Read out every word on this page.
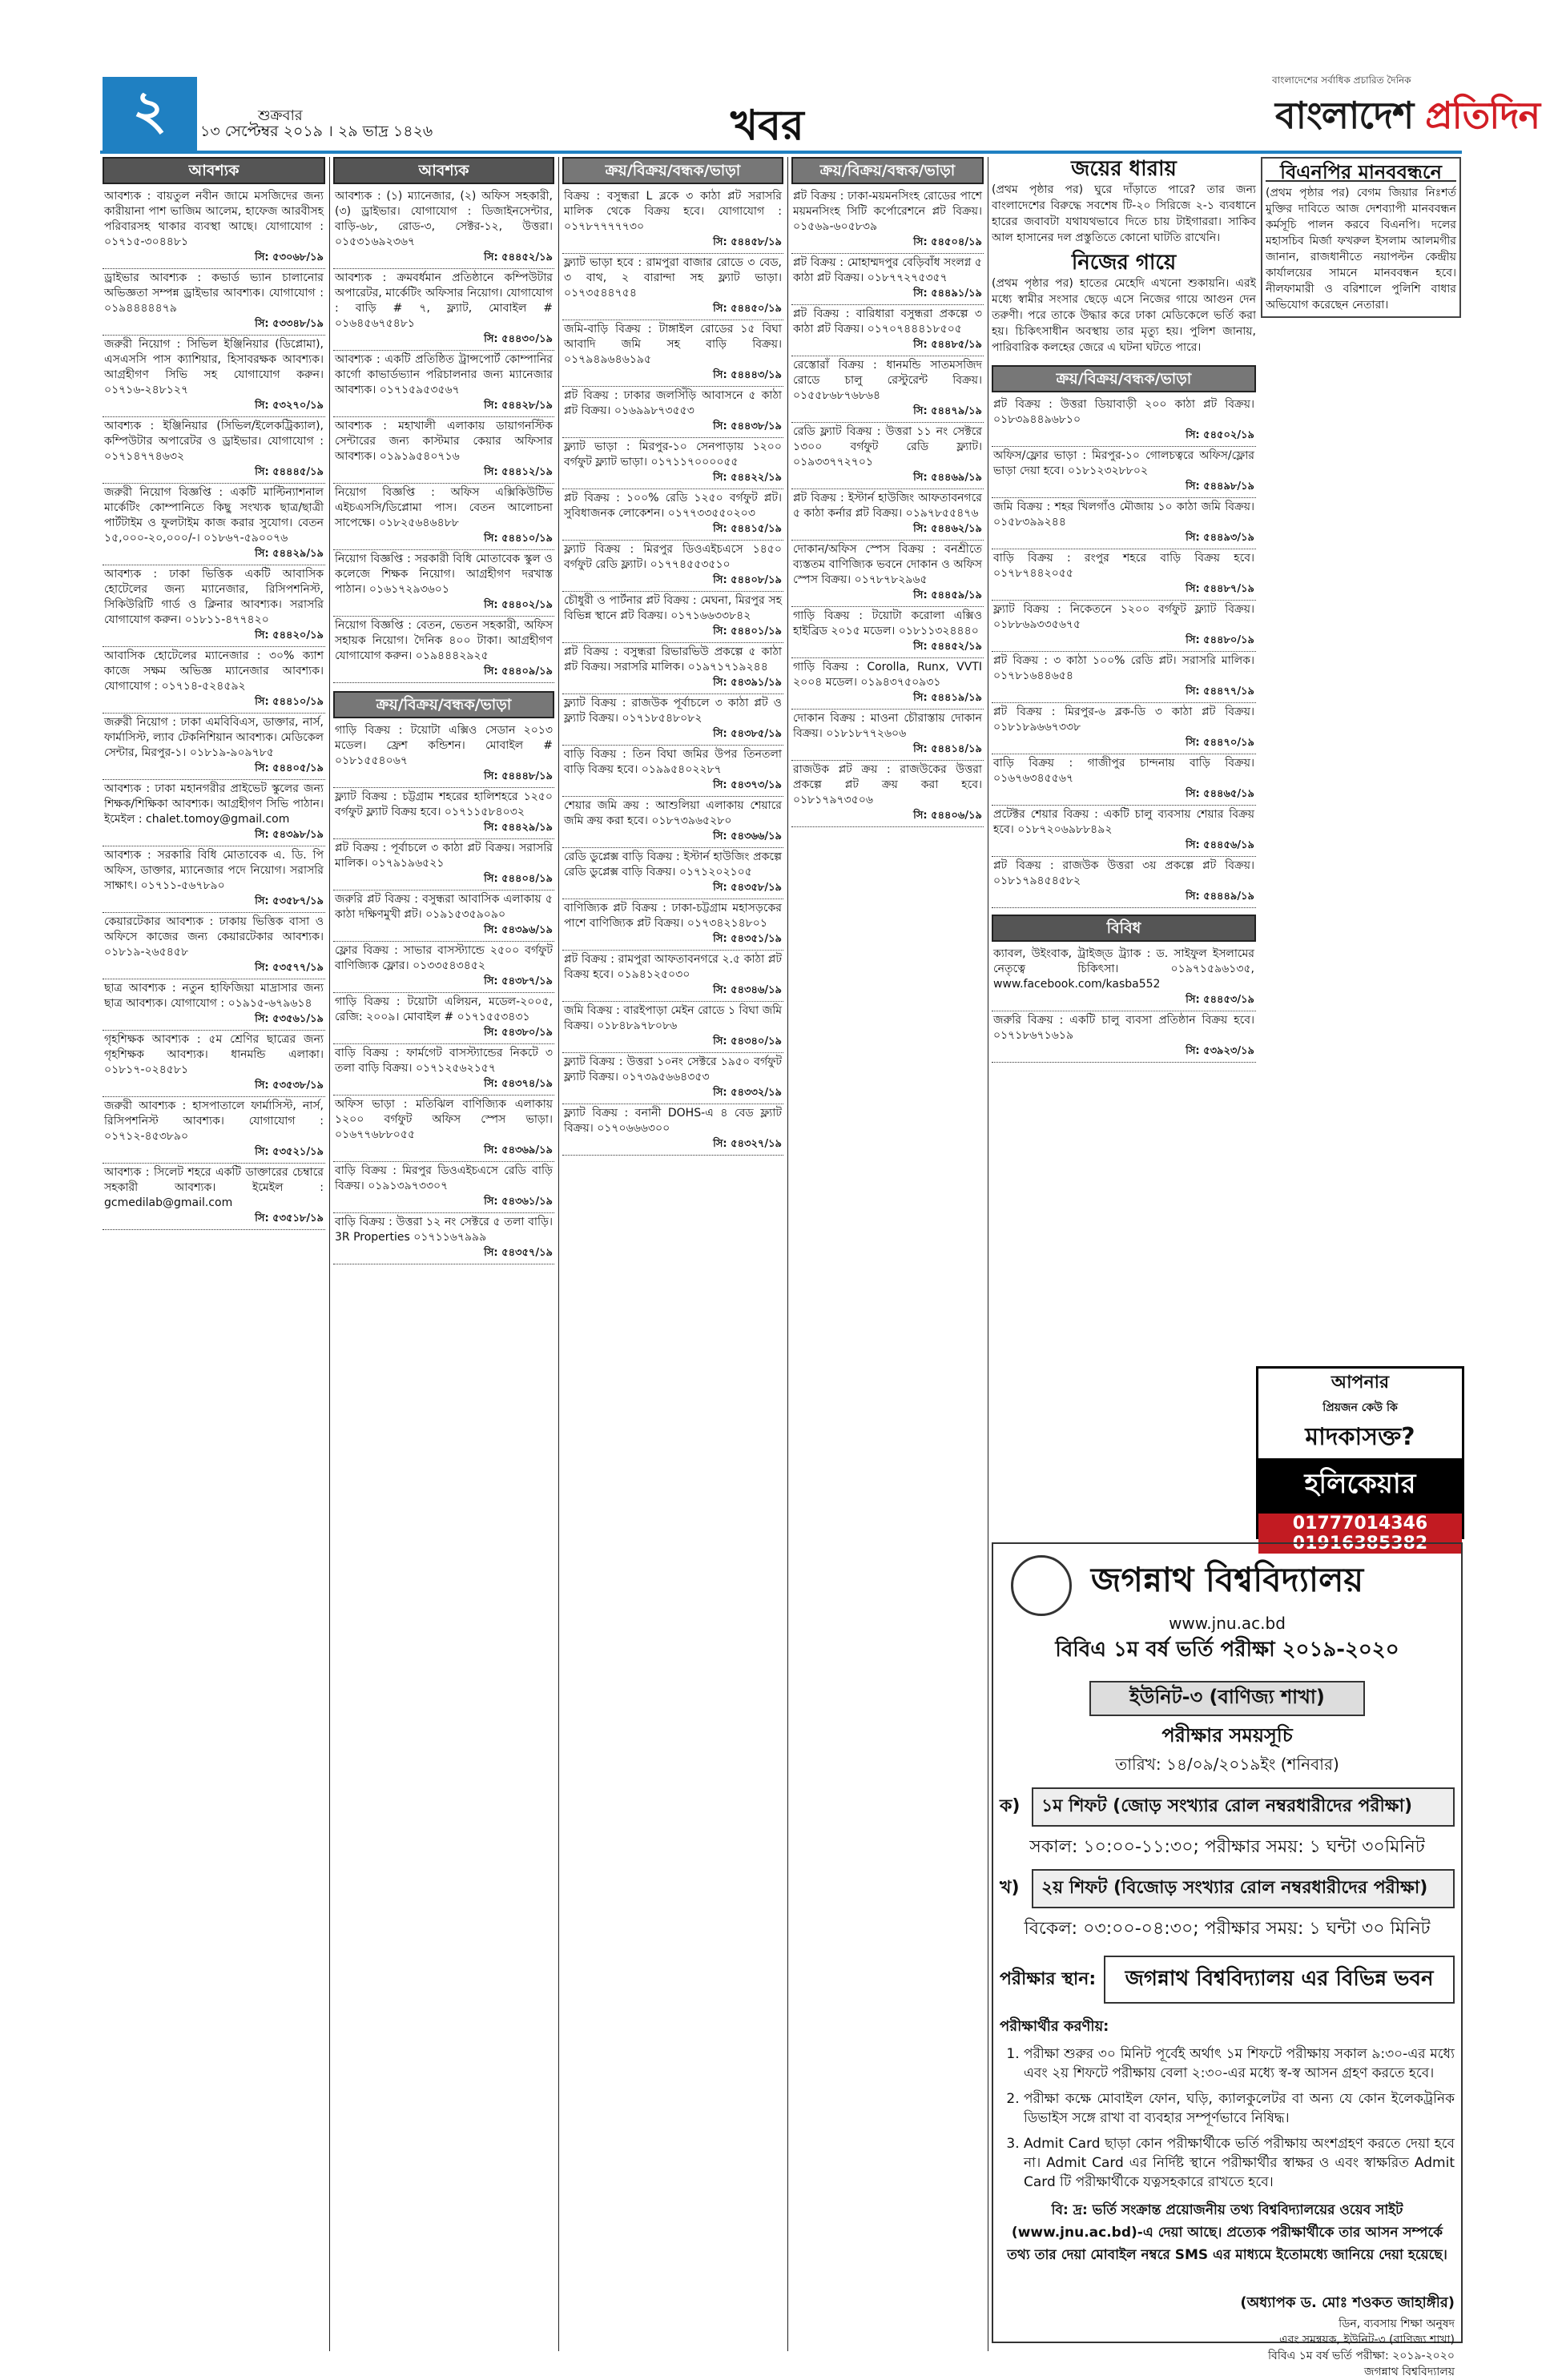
২	শুক্রবার
১৩ সেপ্টেম্বর ২০১৯ । ২৯ ভাদ্র ১৪২৬	খবর
বাংলাদেশের সর্বাধিক প্রচারিত দৈনিক
বাংলাদেশ প্রতিদিন
আবশ্যক
আবশ্যক : বায়তুল নবীন জামে মসজিদের জন্য কারীয়ানা পাশ ভাজিম আলেম, হাফেজ আরবীসহ পরিবারসহ থাকার ব্যবস্থা আছে। যোগাযোগ : ০১৭১৫-৩০৪৪৮১
সি: ৫৩০৬৮/১৯
ড্রাইভার আবশ্যক : কভার্ড ভ্যান চালানোর অভিজ্ঞতা সম্পন্ন ড্রাইভার আবশ্যক। যোগাযোগ : ০১৯৪৪৪৪৪৭৯
সি: ৫৩৩৪৮/১৯
জরুরী নিয়োগ : সিভিল ইঞ্জিনিয়ার (ডিপ্লোমা), এসএসসি পাস ক্যাশিয়ার, হিসাবরক্ষক আবশ্যক। আগ্রহীগণ সিভি সহ যোগাযোগ করুন। ০১৭১৬-২৪৮১২৭
সি: ৫৩২৭০/১৯
আবশ্যক : ইঞ্জিনিয়ার (সিভিল/ইলেকট্রিক্যাল), কম্পিউটার অপারেটর ও ড্রাইভার। যোগাযোগ : ০১৭১৪৭৭৪৬৩২
সি: ৫৪৪৪৫/১৯
জরুরী নিয়োগ বিজ্ঞপ্তি : একটি মাল্টিন্যাশনাল মার্কেটিং কোম্পানিতে কিছু সংখ্যক ছাত্র/ছাত্রী পার্টটাইম ও ফুলটাইম কাজ করার সুযোগ। বেতন ১৫,০০০-২০,০০০/-। ০১৮৬৭-৫৯০০৭৬
সি: ৫৪৪২৯/১৯
আবশ্যক : ঢাকা ভিত্তিক একটি আবাসিক হোটেলের জন্য ম্যানেজার, রিসিপশনিস্ট, সিকিউরিটি গার্ড ও ক্লিনার আবশ্যক। সরাসরি যোগাযোগ করুন। ০১৮১১-৪৭৭৪২০
সি: ৫৪৪২০/১৯
আবাসিক হোটেলের ম্যানেজার : ৩০% ক্যাশ কাজে সক্ষম অভিজ্ঞ ম্যানেজার আবশ্যক। যোগাযোগ : ০১৭১৪-৫২৪৫৯২
সি: ৫৪৪১০/১৯
জরুরী নিয়োগ : ঢাকা এমবিবিএস, ডাক্তার, নার্স, ফার্মাসিস্ট, ল্যাব টেকনিশিয়ান আবশ্যক। মেডিকেল সেন্টার, মিরপুর-১। ০১৮১৯-৯০৯৭৮৫
সি: ৫৪৪০৫/১৯
আবশ্যক : ঢাকা মহানগরীর প্রাইভেট স্কুলের জন্য শিক্ষক/শিক্ষিকা আবশ্যক। আগ্রহীগণ সিভি পাঠান। ইমেইল : chalet.tomoy@gmail.com
সি: ৫৪৩৯৮/১৯
আবশ্যক : সরকারি বিধি মোতাবেক এ. ডি. পি অফিস, ডাক্তার, ম্যানেজার পদে নিয়োগ। সরাসরি সাক্ষাৎ। ০১৭১১-৫৬৭৮৯০
সি: ৫৩৫৮৭/১৯
কেয়ারটেকার আবশ্যক : ঢাকায় ভিত্তিক বাসা ও অফিসে কাজের জন্য কেয়ারটেকার আবশ্যক। ০১৮১৯-২৬৫৪৫৮
সি: ৫৩৫৭৭/১৯
ছাত্র আবশ্যক : নতুন হাফিজিয়া মাদ্রাসার জন্য ছাত্র আবশ্যক। যোগাযোগ : ০১৯১৫-৬৭৯৬১৪
সি: ৫৩৫৬১/১৯
গৃহশিক্ষক আবশ্যক : ৫ম শ্রেণির ছাত্রের জন্য গৃহশিক্ষক আবশ্যক। ধানমন্ডি এলাকা। ০১৮১৭-০২৪৫৮১
সি: ৫৩৫৩৮/১৯
জরুরী আবশ্যক : হাসপাতালে ফার্মাসিস্ট, নার্স, রিসিপশনিস্ট আবশ্যক। যোগাযোগ : ০১৭১২-৪৫৩৮৯০
সি: ৫৩৫২১/১৯
আবশ্যক : সিলেট শহরে একটি ডাক্তারের চেম্বারে সহকারী আবশ্যক। ইমেইল : gcmedilab@gmail.com
সি: ৫৩৫১৮/১৯
আবশ্যক
আবশ্যক : (১) ম্যানেজার, (২) অফিস সহকারী, (৩) ড্রাইভার। যোগাযোগ : ডিজাইনসেন্টার, বাড়ি-৬৮, রোড-৩, সেক্টর-১২, উত্তরা। ০১৫৩১৬৯২৩৬৭
সি: ৫৪৪৫২/১৯
আবশ্যক : ক্রমবর্ধমান প্রতিষ্ঠানে কম্পিউটার অপারেটর, মার্কেটিং অফিসার নিয়োগ। যোগাযোগ : বাড়ি # ৭, ফ্ল্যাট, মোবাইল # ০১৬৪৫৬৭৫৪৮১
সি: ৫৪৪৩০/১৯
আবশ্যক : একটি প্রতিষ্ঠিত ট্রান্সপোর্ট কোম্পানির কার্গো কাভার্ডভ্যান পরিচালনার জন্য ম্যানেজার আবশ্যক। ০১৭১৫৯৫৩৫৬৭
সি: ৫৪৪২৮/১৯
আবশ্যক : মহাখালী এলাকায় ডায়াগনস্টিক সেন্টারের জন্য কাস্টমার কেয়ার অফিসার আবশ্যক। ০১৯১৯৫৪০৭১৬
সি: ৫৪৪১২/১৯
নিয়োগ বিজ্ঞপ্তি : অফিস এক্সিকিউটিভ এইচএসসি/ডিপ্লোমা পাস। বেতন আলোচনা সাপেক্ষে। ০১৮২৫৬৪৬৪৮৮
সি: ৫৪৪১০/১৯
নিয়োগ বিজ্ঞপ্তি : সরকারী বিধি মোতাবেক স্কুল ও কলেজে শিক্ষক নিয়োগ। আগ্রহীগণ দরখাস্ত পাঠান। ০১৬১৭২৯৩৬০১
সি: ৫৪৪০২/১৯
নিয়োগ বিজ্ঞপ্তি : বেতন, ভেতন সহকারী, অফিস সহায়ক নিয়োগ। দৈনিক ৪০০ টাকা। আগ্রহীগণ যোগাযোগ করুন। ০১৯৪৪৪২৯২৫
সি: ৫৪৪০৯/১৯
ক্রয়/বিক্রয়/বন্ধক/ভাড়া
গাড়ি বিক্রয় : টয়োটা এক্সিও সেডান ২০১৩ মডেল। ফ্রেশ কন্ডিশন। মোবাইল # ০১৮১৫৫৪০৬৭
সি: ৫৪৪৪৮/১৯
ফ্ল্যাট বিক্রয় : চট্টগ্রাম শহরের হালিশহরে ১২৫০ বর্গফুট ফ্ল্যাট বিক্রয় হবে। ০১৭১১৫৮৪০৩২
সি: ৫৪৪২৯/১৯
প্লট বিক্রয় : পূর্বাচলে ৩ কাঠা প্লট বিক্রয়। সরাসরি মালিক। ০১৭৯১৯৬৫২১
সি: ৫৪৪০৪/১৯
জরুরি প্লট বিক্রয় : বসুন্ধরা আবাসিক এলাকায় ৫ কাঠা দক্ষিণমুখী প্লট। ০১৯১৫৩৫৯০৯০
সি: ৫৪৩৯৬/১৯
ফ্লোর বিক্রয় : সাভার বাসস্ট্যান্ডে ২৫০০ বর্গফুট বাণিজ্যিক ফ্লোর। ০১৩৩৫৪৩৪৫২
সি: ৫৪৩৮৭/১৯
গাড়ি বিক্রয় : টয়োটা এলিয়ন, মডেল-২০০৫, রেজি: ২০০৯। মোবাইল # ০১৭১৫৫৩৪৩১
সি: ৫৪৩৮০/১৯
বাড়ি বিক্রয় : ফার্মগেট বাসস্ট্যান্ডের নিকটে ৩ তলা বাড়ি বিক্রয়। ০১৭১২৫৬২১৫৭
সি: ৫৪৩৭৪/১৯
অফিস ভাড়া : মতিঝিল বাণিজ্যিক এলাকায় ১২০০ বর্গফুট অফিস স্পেস ভাড়া। ০১৬৭৭৬৮৮০৫৫
সি: ৫৪৩৬৯/১৯
বাড়ি বিক্রয় : মিরপুর ডিওএইচএসে রেডি বাড়ি বিক্রয়। ০১৯১৩৯৭৩৩০৭
সি: ৫৪৩৬১/১৯
বাড়ি বিক্রয় : উত্তরা ১২ নং সেক্টরে ৫ তলা বাড়ি। 3R Properties ০১৭১১৬৭৯৯৯
সি: ৫৪৩৫৭/১৯
ক্রয়/বিক্রয়/বন্ধক/ভাড়া
বিক্রয় : বসুন্ধরা L ব্লকে ৩ কাঠা প্লট সরাসরি মালিক থেকে বিক্রয় হবে। যোগাযোগ : ০১৭৮৭৭৭৭৭৩০
সি: ৫৪৪৫৮/১৯
ফ্ল্যাট ভাড়া হবে : রামপুরা বাজার রোডে ৩ বেড, ৩ বাথ, ২ বারান্দা সহ ফ্ল্যাট ভাড়া। ০১৭৩৫৪৪৭৫৪
সি: ৫৪৪৫০/১৯
জমি-বাড়ি বিক্রয় : টাঙ্গাইল রোডের ১৫ বিঘা আবাদি জমি সহ বাড়ি বিক্রয়। ০১৭৯৪৯৬৪৬১৯৫
সি: ৫৪৪৪৩/১৯
প্লট বিক্রয় : ঢাকার জলসিঁড়ি আবাসনে ৫ কাঠা প্লট বিক্রয়। ০১৬৯৯৮৭৩৫৫৩
সি: ৫৪৪৩৮/১৯
ফ্ল্যাট ভাড়া : মিরপুর-১০ সেনপাড়ায় ১২০০ বর্গফুট ফ্ল্যাট ভাড়া। ০১৭১১৭০০০০৫৫
সি: ৫৪৪২২/১৯
প্লট বিক্রয় : ১০০% রেডি ১২৫০ বর্গফুট প্লট। সুবিধাজনক লোকেশন। ০১৭৭৩৩৫৫০২০৩
সি: ৫৪৪১৫/১৯
ফ্ল্যাট বিক্রয় : মিরপুর ডিওএইচএসে ১৪৫০ বর্গফুট রেডি ফ্ল্যাট। ০১৭৭৪৫৫৩৫১০
সি: ৫৪৪০৮/১৯
চৌধুরী ও পার্টনার প্লট বিক্রয় : মেঘনা, মিরপুর সহ বিভিন্ন স্থানে প্লট বিক্রয়। ০১৭১৬৬৩৩৮৪২
সি: ৫৪৪০১/১৯
প্লট বিক্রয় : বসুন্ধরা রিভারভিউ প্রকল্পে ৫ কাঠা প্লট বিক্রয়। সরাসরি মালিক। ০১৯৭১৭১৯২৪৪
সি: ৫৪৩৯১/১৯
ফ্ল্যাট বিক্রয় : রাজউক পূর্বাচলে ৩ কাঠা প্লট ও ফ্ল্যাট বিক্রয়। ০১৭১৮৫৪৮০৮২
সি: ৫৪৩৮৫/১৯
বাড়ি বিক্রয় : তিন বিঘা জমির উপর তিনতলা বাড়ি বিক্রয় হবে। ০১৯৯৫৪০২২৮৭
সি: ৫৪৩৭৩/১৯
শেয়ার জমি ক্রয় : আশুলিয়া এলাকায় শেয়ারে জমি ক্রয় করা হবে। ০১৮৭৩৯৬৫২৮০
সি: ৫৪৩৬৬/১৯
রেডি ডুপ্লেক্স বাড়ি বিক্রয় : ইস্টার্ন হাউজিং প্রকল্পে রেডি ডুপ্লেক্স বাড়ি বিক্রয়। ০১৭১২০২১০৫
সি: ৫৪৩৫৮/১৯
বাণিজ্যিক প্লট বিক্রয় : ঢাকা-চট্টগ্রাম মহাসড়কের পাশে বাণিজ্যিক প্লট বিক্রয়। ০১৭৩৪২১৪৮০১
সি: ৫৪৩৫১/১৯
প্লট বিক্রয় : রামপুরা আফতাবনগরে ২.৫ কাঠা প্লট বিক্রয় হবে। ০১৯৪১২৫০৩০
সি: ৫৪৩৪৬/১৯
জমি বিক্রয় : বারইপাড়া মেইন রোডে ১ বিঘা জমি বিক্রয়। ০১৮৪৮৯৭৮০৮৬
সি: ৫৪৩৪০/১৯
ফ্ল্যাট বিক্রয় : উত্তরা ১০নং সেক্টরে ১৯৫০ বর্গফুট ফ্ল্যাট বিক্রয়। ০১৭৩৯৫৬৬৪৩৫৩
সি: ৫৪৩৩২/১৯
ফ্ল্যাট বিক্রয় : বনানী DOHS-এ ৪ বেড ফ্ল্যাট বিক্রয়। ০১৭০৬৬৬৩০০
সি: ৫৪৩২৭/১৯
ক্রয়/বিক্রয়/বন্ধক/ভাড়া
প্লট বিক্রয় : ঢাকা-ময়মনসিংহ রোডের পাশে ময়মনসিংহ সিটি কর্পোরেশনে প্লট বিক্রয়। ০১৫৬৯-৬০৫৮৩৯
সি: ৫৪৫০৪/১৯
প্লট বিক্রয় : মোহাম্মদপুর বেড়িবাঁধ সংলগ্ন ৫ কাঠা প্লট বিক্রয়। ০১৮৭৭২৭৫৩৫৭
সি: ৫৪৪৯১/১৯
প্লট বিক্রয় : বারিধারা বসুন্ধরা প্রকল্পে ৩ কাঠা প্লট বিক্রয়। ০১৭০৭৪৪৪১৮৫০৫
সি: ৫৪৪৮৫/১৯
রেস্তোরাঁ বিক্রয় : ধানমন্ডি সাতমসজিদ রোডে চালু রেস্টুরেন্ট বিক্রয়। ০১৫৫৮৬৮৭৬৮৬৪
সি: ৫৪৪৭৯/১৯
রেডি ফ্ল্যাট বিক্রয় : উত্তরা ১১ নং সেক্টরে ১৩০০ বর্গফুট রেডি ফ্ল্যাট। ০১৯৩৩৭৭২৭০১
সি: ৫৪৪৬৯/১৯
প্লট বিক্রয় : ইস্টার্ন হাউজিং আফতাবনগরে ৫ কাঠা কর্নার প্লট বিক্রয়। ০১৯৭৮৫৫৪৭৬
সি: ৫৪৪৬২/১৯
দোকান/অফিস স্পেস বিক্রয় : বনশ্রীতে ব্যস্ততম বাণিজ্যিক ভবনে দোকান ও অফিস স্পেস বিক্রয়। ০১৭৮৭৮২৯৬৫
সি: ৫৪৪৫৯/১৯
গাড়ি বিক্রয় : টয়োটা করোলা এক্সিও হাইব্রিড ২০১৫ মডেল। ০১৮১১৩২৪৪৪০
সি: ৫৪৪৫২/১৯
গাড়ি বিক্রয় : Corolla, Runx, VVTI ২০০৪ মডেল। ০১৯৪৩৭৫০৯৩১
সি: ৫৪৪১৯/১৯
দোকান বিক্রয় : মাওনা চৌরাস্তায় দোকান বিক্রয়। ০১৮১৮৭৭২৬০৬
সি: ৫৪৪১৪/১৯
রাজউক প্লট ক্রয় : রাজউকের উত্তরা প্রকল্পে প্লট ক্রয় করা হবে। ০১৮১৭৯৭৩৫০৬
সি: ৫৪৪০৬/১৯
জয়ের ধারায়
(প্রথম পৃষ্ঠার পর) ঘুরে দাঁড়াতে পারে? তার জন্য বাংলাদেশের বিরুদ্ধে সবশেষ টি-২০ সিরিজে ২-১ ব্যবধানে হারের জবাবটা যথাযথভাবে দিতে চায় টাইগাররা। সাকিব আল হাসানের দল প্রস্তুতিতে কোনো ঘাটতি রাখেনি।
নিজের গায়ে
(প্রথম পৃষ্ঠার পর) হাতের মেহেদি এখনো শুকায়নি। এরই মধ্যে স্বামীর সংসার ছেড়ে এসে নিজের গায়ে আগুন দেন তরুণী। পরে তাকে উদ্ধার করে ঢাকা মেডিকেলে ভর্তি করা হয়। চিকিৎসাধীন অবস্থায় তার মৃত্যু হয়। পুলিশ জানায়, পারিবারিক কলহের জেরে এ ঘটনা ঘটতে পারে।
ক্রয়/বিক্রয়/বন্ধক/ভাড়া
প্লট বিক্রয় : উত্তরা ডিয়াবাড়ী ২০০ কাঠা প্লট বিক্রয়। ০১৮৩৯৪৪৯৬৮১০
সি: ৫৪৫০২/১৯
অফিস/ফ্লোর ভাড়া : মিরপুর-১০ গোলচত্বরে অফিস/ফ্লোর ভাড়া দেয়া হবে। ০১৮১২৩২৮৮০২
সি: ৫৪৪৯৮/১৯
জমি বিক্রয় : শহর খিলগাঁও মৌজায় ১০ কাঠা জমি বিক্রয়। ০১৫৮৩৯৯২৪৪
সি: ৫৪৪৯৩/১৯
বাড়ি বিক্রয় : রংপুর শহরে বাড়ি বিক্রয় হবে। ০১৭৮৭৪৪২০৫৫
সি: ৫৪৪৮৭/১৯
ফ্ল্যাট বিক্রয় : নিকেতনে ১২০০ বর্গফুট ফ্ল্যাট বিক্রয়। ০১৮৮৬৯৩৩৫৬৭৫
সি: ৫৪৪৮০/১৯
প্লট বিক্রয় : ৩ কাঠা ১০০% রেডি প্লট। সরাসরি মালিক। ০১৭৮১৬৪৪৬৫৪
সি: ৫৪৪৭৭/১৯
প্লট বিক্রয় : মিরপুর-৬ ব্লক-ডি ৩ কাঠা প্লট বিক্রয়। ০১৮১৮৯৬৬৭৩৩৮
সি: ৫৪৪৭০/১৯
বাড়ি বিক্রয় : গাজীপুর চান্দনায় বাড়ি বিক্রয়। ০১৬৭৬৩৪৫৫৬৭
সি: ৫৪৪৬৫/১৯
প্রটেক্টর শেয়ার বিক্রয় : একটি চালু ব্যবসায় শেয়ার বিক্রয় হবে। ০১৮৭২০৬৯৮৮৪৯২
সি: ৫৪৪৫৬/১৯
প্লট বিক্রয় : রাজউক উত্তরা ৩য় প্রকল্পে প্লট বিক্রয়। ০১৮১৭৯৪৫৪৫৮২
সি: ৫৪৪৪৯/১৯
বিবিধ
ক্যাবল, উইংবাক, ট্রাইজ্ড ট্র্যাক : ড. সাইফুল ইসলামের নেতৃত্বে চিকিৎসা। ০১৯৭১৫৯৬১৩৫, www.facebook.com/kasba552
সি: ৫৪৪৫৩/১৯
জরুরি বিক্রয় : একটি চালু ব্যবসা প্রতিষ্ঠান বিক্রয় হবে। ০১৭১৮৬৭১৬১৯
সি: ৫৩৯২৩/১৯
বিএনপির মানববন্ধনে
(প্রথম পৃষ্ঠার পর) বেগম জিয়ার নিঃশর্ত মুক্তির দাবিতে আজ দেশব্যাপী মানববন্ধন কর্মসূচি পালন করবে বিএনপি। দলের মহাসচিব মির্জা ফখরুল ইসলাম আলমগীর জানান, রাজধানীতে নয়াপল্টন কেন্দ্রীয় কার্যালয়ের সামনে মানববন্ধন হবে। নীলফামারী ও বরিশালে পুলিশি বাধার অভিযোগ করেছেন নেতারা।
আপনার
প্রিয়জন কেউ কি
মাদকাসক্ত?
হলিকেয়ার
01777014346
01916385382
জগন্নাথ বিশ্ববিদ্যালয়
www.jnu.ac.bd
বিবিএ ১ম বর্ষ ভর্তি পরীক্ষা ২০১৯-২০২০
ইউনিট-৩ (বাণিজ্য শাখা)
পরীক্ষার সময়সূচি
তারিখ: ১৪/০৯/২০১৯ইং (শনিবার)
ক)	১ম শিফট (জোড় সংখ্যার রোল নম্বরধারীদের পরীক্ষা)
সকাল: ১০:০০-১১:৩০; পরীক্ষার সময়: ১ ঘন্টা ৩০মিনিট
খ)	২য় শিফট (বিজোড় সংখ্যার রোল নম্বরধারীদের পরীক্ষা)
বিকেল: ০৩:০০-০৪:৩০; পরীক্ষার সময়: ১ ঘন্টা ৩০ মিনিট
পরীক্ষার স্থান:	জগন্নাথ বিশ্ববিদ্যালয় এর বিভিন্ন ভবন
পরীক্ষার্থীর করণীয়:
1. পরীক্ষা শুরুর ৩০ মিনিট পূর্বেই অর্থাৎ ১ম শিফটে পরীক্ষায় সকাল ৯:৩০-এর মধ্যে এবং ২য় শিফটে পরীক্ষায় বেলা ২:৩০-এর মধ্যে স্ব-স্ব আসন গ্রহণ করতে হবে।
2. পরীক্ষা কক্ষে মোবাইল ফোন, ঘড়ি, ক্যালকুলেটর বা অন্য যে কোন ইলেকট্রনিক ডিভাইস সঙ্গে রাখা বা ব্যবহার সম্পূর্ণভাবে নিষিদ্ধ।
3. Admit Card ছাড়া কোন পরীক্ষার্থীকে ভর্তি পরীক্ষায় অংশগ্রহণ করতে দেয়া হবে না। Admit Card এর নির্দিষ্ট স্থানে পরীক্ষার্থীর স্বাক্ষর ও এবং স্বাক্ষরিত Admit Card টি পরীক্ষার্থীকে যত্নসহকারে রাখতে হবে।
বি: দ্র: ভর্তি সংক্রান্ত প্রয়োজনীয় তথ্য বিশ্ববিদ্যালয়ের ওয়েব সাইট (www.jnu.ac.bd)-এ দেয়া আছে। প্রত্যেক পরীক্ষার্থীকে তার আসন সম্পর্কে তথ্য তার দেয়া মোবাইল নম্বরে SMS এর মাধ্যমে ইতোমধ্যে জানিয়ে দেয়া হয়েছে।
(অধ্যাপক ড. মোঃ শওকত জাহাঙ্গীর)
ডিন, ব্যবসায় শিক্ষা অনুষদ
এবং সমন্বয়ক, ইউনিট-৩ (বাণিজ্য শাখা)
বিবিএ ১ম বর্ষ ভর্তি পরীক্ষা: ২০১৯-২০২০
জগন্নাথ বিশ্ববিদ্যালয়
